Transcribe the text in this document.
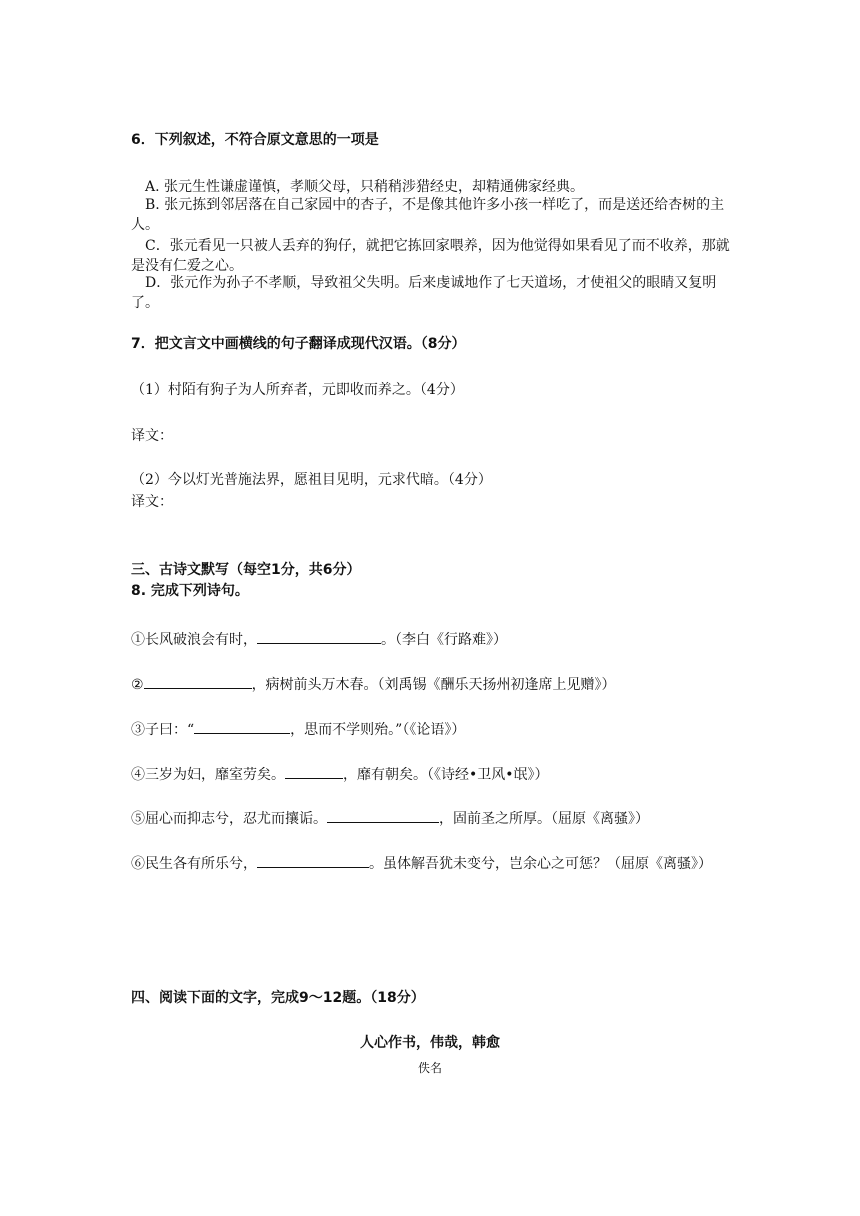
6．下列叙述，不符合原文意思的一项是
　A. 张元生性谦虚谨慎，孝顺父母，只稍稍涉猎经史，却精通佛家经典。
　B. 张元拣到邻居落在自己家园中的杏子，不是像其他许多小孩一样吃了，而是送还给杏树的主人。
　C．张元看见一只被人丢弃的狗仔，就把它拣回家喂养，因为他觉得如果看见了而不收养，那就是没有仁爱之心。
　D．张元作为孙子不孝顺，导致祖父失明。后来虔诚地作了七天道场，才使祖父的眼睛又复明了。
7．把文言文中画横线的句子翻译成现代汉语。（8分）
（1）村陌有狗子为人所弃者，元即收而养之。（4分）
译文：
（2）今以灯光普施法界，愿祖目见明，元求代暗。（4分）
译文：
三、古诗文默写（每空1分，共6分）
8. 完成下列诗句。
①长风破浪会有时，	。（李白《行路难》）
②	，病树前头万木春。（刘禹锡《酬乐天扬州初逢席上见赠》）
③子曰：“	，思而不学则殆。”（《论语》）
④三岁为妇，靡室劳矣。	，靡有朝矣。（《诗经•卫风•氓》）
⑤屈心而抑志兮，忍尤而攘诟。	，固前圣之所厚。（屈原《离骚》）
⑥民生各有所乐兮，	。虽体解吾犹未变兮，岂余心之可惩？（屈原《离骚》）
四、阅读下面的文字，完成9～12题。（18分）
人心作书，伟哉，韩愈
佚名
